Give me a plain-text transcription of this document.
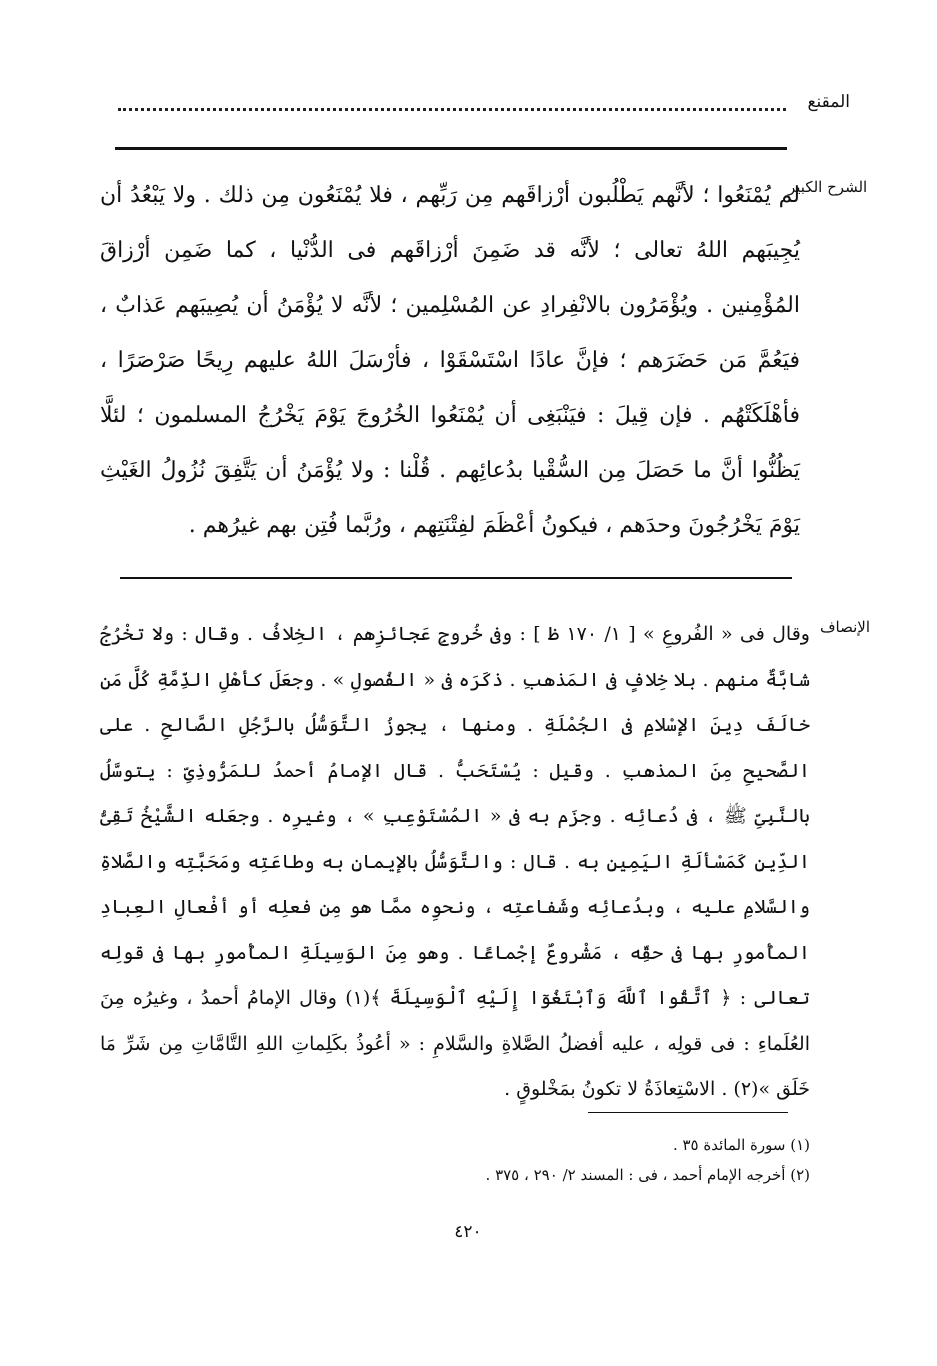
المقنع
الشرح الكبير

لم يُمْنَعُوا ؛ لأنَّهم يَطْلُبون أرْزاقَهم مِن رَبِّهم ، فلا يُمْنَعُون مِن ذلك . ولا يَبْعُدُ أن يُجِيبَهم اللهُ تعالى ؛ لأنَّه قد ضَمِنَ أرْزاقَهم فى الدُّنْيا ، كما ضَمِن أرْزاقَ المُؤْمِنين . ويُؤْمَرُون بالانْفِرادِ عن المُسْلِمين ؛ لأنَّه لا يُؤْمَنُ أن يُصِيبَهم عَذابٌ ، فيَعُمَّ مَن حَضَرَهم ؛ فإنَّ عادًا اسْتَسْقَوْا ، فأرْسَلَ اللهُ عليهم رِيحًا صَرْصَرًا ، فأهْلَكَتْهُم . فإن قِيلَ : فيَنْبَغِى أن يُمْنَعُوا الخُرُوجَ يَوْمَ يَخْرُجُ المسلمون ؛ لئلَّا يَظُنُّوا أنَّ ما حَصَلَ مِن السُّقْيا بدُعائِهم . قُلْنا : ولا يُؤْمَنُ أن يَتَّفِقَ نُزُولُ الغَيْثِ يَوْمَ يَخْرُجُونَ وحدَهم ، فيكونُ أعْظَمَ لفِتْنَتِهم ، ورُبَّما فُتِن بهم غيرُهم .

الإنصاف

وقال فى « الفُروعِ » [ ١/ ١٧٠ ظ ] : وفى خُروجِ عَجائزِهم ، الخِلافُ . وقال : ولا تخْرُجُ شابَّةٌ منهم . بلا خِلافٍ فى المَذهبِ . ذكَرَه فى « الفُصولِ » . وجعَلَ كأهْلِ الذِّمَّةِ كُلَّ مَن خالَفَ دِينَ الإسْلامِ فى الجُمْلَةِ . ومنها ، يجوزُ التَّوَسُّلُ بالرَّجُلِ الصَّالحِ . على الصَّحيحِ مِنَ المذهبِ . وقيل : يُسْتَحَبُّ . قال الإمامُ أحمدُ للمَرُّوذِىِّ : يتوسَّلُ بالنَّبِىِّ ﷺ ، فى دُعائِه . وجزَم به فى « المُسْتَوْعِبِ » ، وغيرِه . وجعَله الشَّيْخُ تَقِىُّ الدِّينِ كَمَسْألَةِ اليَمِينِ به . قال : والتَّوَسُّلُ بالإيمانِ به وطاعَتِه ومَحَبَّتِه والصَّلاةِ والسَّلامِ عليه ، وبدُعائِه وشَفاعتِه ، ونحوِه ممَّا هو مِن فعلِه أو أفْعالِ العِبادِ المأْمورِ بها فى حقِّه ، مَشْروعٌ إجْماعًا . وهو مِنَ الوَسِيلَةِ المأْمورِ بها فى قولِه تعالى : ﴿ ٱتَّقُوا ٱللَّهَ وَٱبْتَغُوٓا إِلَيْهِ ٱلْوَسِيلَةَ ﴾(١) وقال الإمامُ أحمدُ ، وغيرُه مِنَ العُلَماءِ : فى قولِه ، عليه أفضلُ الصَّلاةِ والسَّلامِ : « أعُوذُ بكَلِماتِ اللهِ التَّامَّاتِ مِن شَرِّ مَا خَلَق »(٢) . الاسْتِعاذَةُ لا تكونُ بمَخْلوقٍ .

(١) سورة المائدة ٣٥ .
(٢) أخرجه الإمام أحمد ، فى : المسند ٢/ ٢٩٠ ، ٣٧٥ .
٤٢٠
